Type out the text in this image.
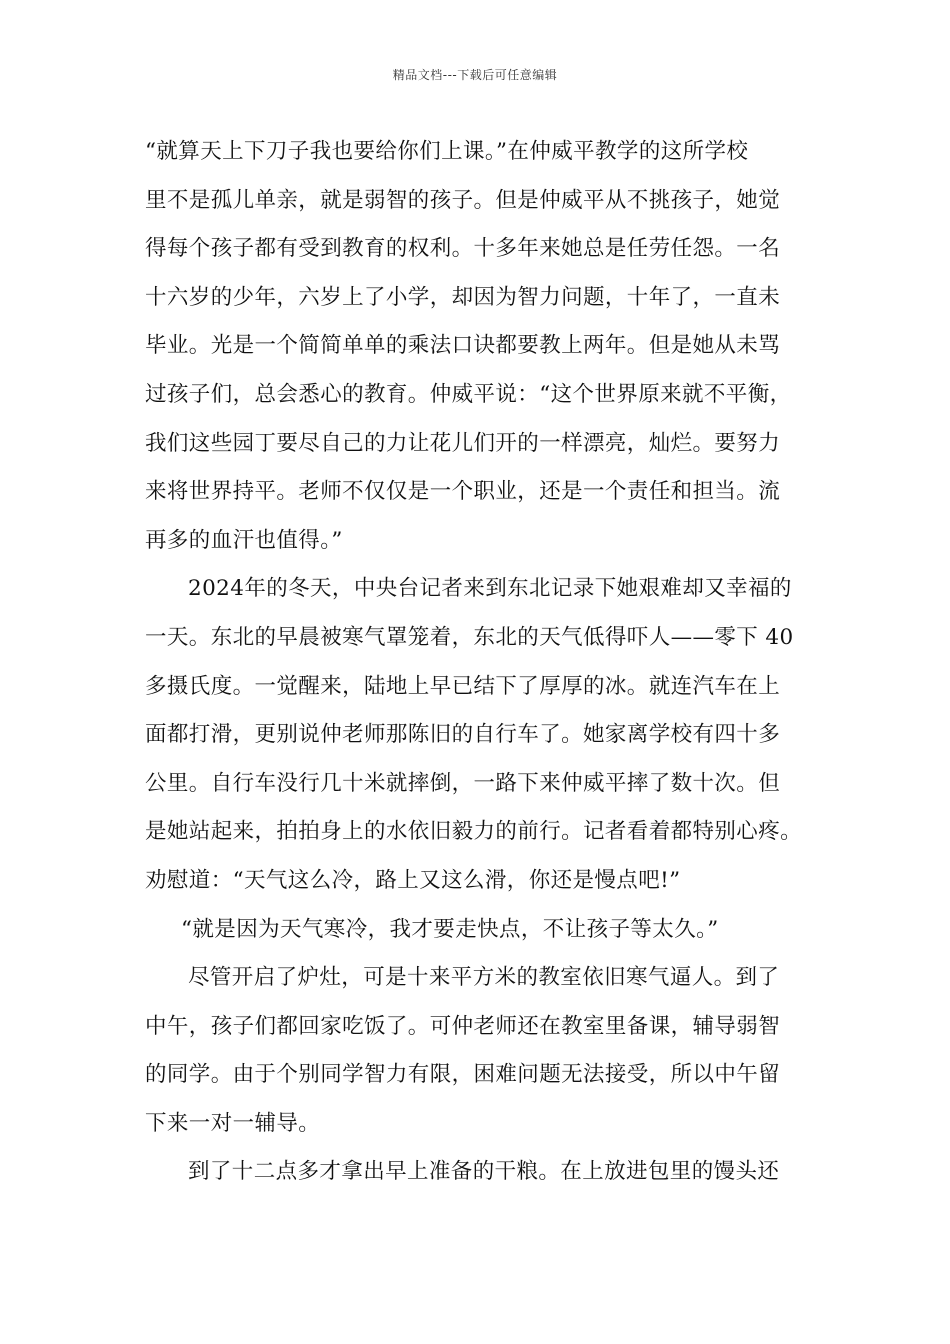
精品文档---下载后可任意编辑
“就算天上下刀子我也要给你们上课。”在仲威平教学的这所学校
里不是孤儿单亲，就是弱智的孩子。但是仲威平从不挑孩子，她觉
得每个孩子都有受到教育的权利。十多年来她总是任劳任怨。一名
十六岁的少年，六岁上了小学，却因为智力问题，十年了，一直未
毕业。光是一个简简单单的乘法口诀都要教上两年。但是她从未骂
过孩子们，总会悉心的教育。仲威平说：“这个世界原来就不平衡，
我们这些园丁要尽自己的力让花儿们开的一样漂亮，灿烂。要努力
来将世界持平。老师不仅仅是一个职业，还是一个责任和担当。流
再多的血汗也值得。”
2024年的冬天，中央台记者来到东北记录下她艰难却又幸福的
一天。东北的早晨被寒气罩笼着，东北的天气低得吓人——零下 40
多摄氏度。一觉醒来，陆地上早已结下了厚厚的冰。就连汽车在上
面都打滑，更别说仲老师那陈旧的自行车了。她家离学校有四十多
公里。自行车没行几十米就摔倒，一路下来仲威平摔了数十次。但
是她站起来，拍拍身上的水依旧毅力的前行。记者看着都特别心疼。
劝慰道：“天气这么冷，路上又这么滑，你还是慢点吧!”
“就是因为天气寒冷，我才要走快点，不让孩子等太久。”
尽管开启了炉灶，可是十来平方米的教室依旧寒气逼人。到了
中午，孩子们都回家吃饭了。可仲老师还在教室里备课，辅导弱智
的同学。由于个别同学智力有限，困难问题无法接受，所以中午留
下来一对一辅导。
到了十二点多才拿出早上准备的干粮。在上放进包里的馒头还
